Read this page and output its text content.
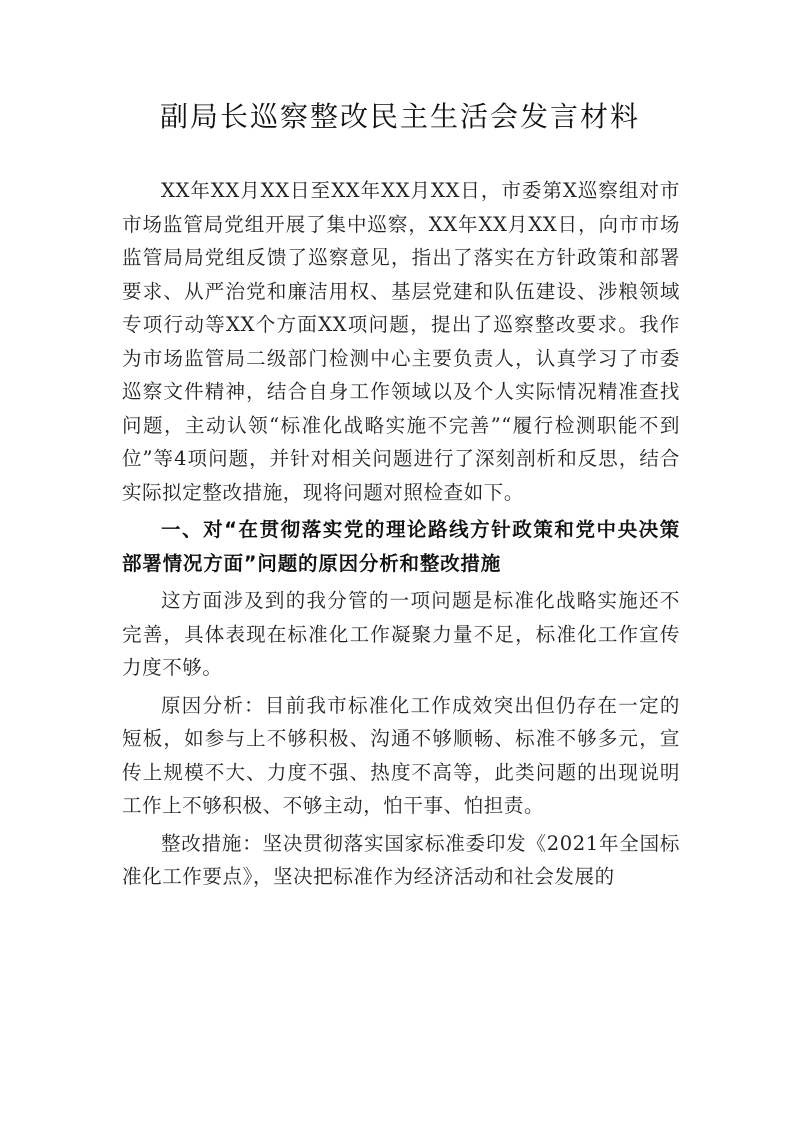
副局长巡察整改民主生活会发言材料

XX年XX月XX日至XX年XX月XX日，市委第X巡察组对市市场监管局党组开展了集中巡察，XX年XX月XX日，向市市场监管局局党组反馈了巡察意见，指出了落实在方针政策和部署要求、从严治党和廉洁用权、基层党建和队伍建设、涉粮领域专项行动等XX个方面XX项问题，提出了巡察整改要求。我作为市场监管局二级部门检测中心主要负责人，认真学习了市委巡察文件精神，结合自身工作领域以及个人实际情况精准查找问题，主动认领“标准化战略实施不完善”“履行检测职能不到位”等4项问题，并针对相关问题进行了深刻剖析和反思，结合实际拟定整改措施，现将问题对照检查如下。

一、对“在贯彻落实党的理论路线方针政策和党中央决策部署情况方面”问题的原因分析和整改措施

这方面涉及到的我分管的一项问题是标准化战略实施还不完善，具体表现在标准化工作凝聚力量不足，标准化工作宣传力度不够。

原因分析：目前我市标准化工作成效突出但仍存在一定的短板，如参与上不够积极、沟通不够顺畅、标准不够多元，宣传上规模不大、力度不强、热度不高等，此类问题的出现说明工作上不够积极、不够主动，怕干事、怕担责。

整改措施：坚决贯彻落实国家标准委印发《2021年全国标准化工作要点》，坚决把标准作为经济活动和社会发展的
